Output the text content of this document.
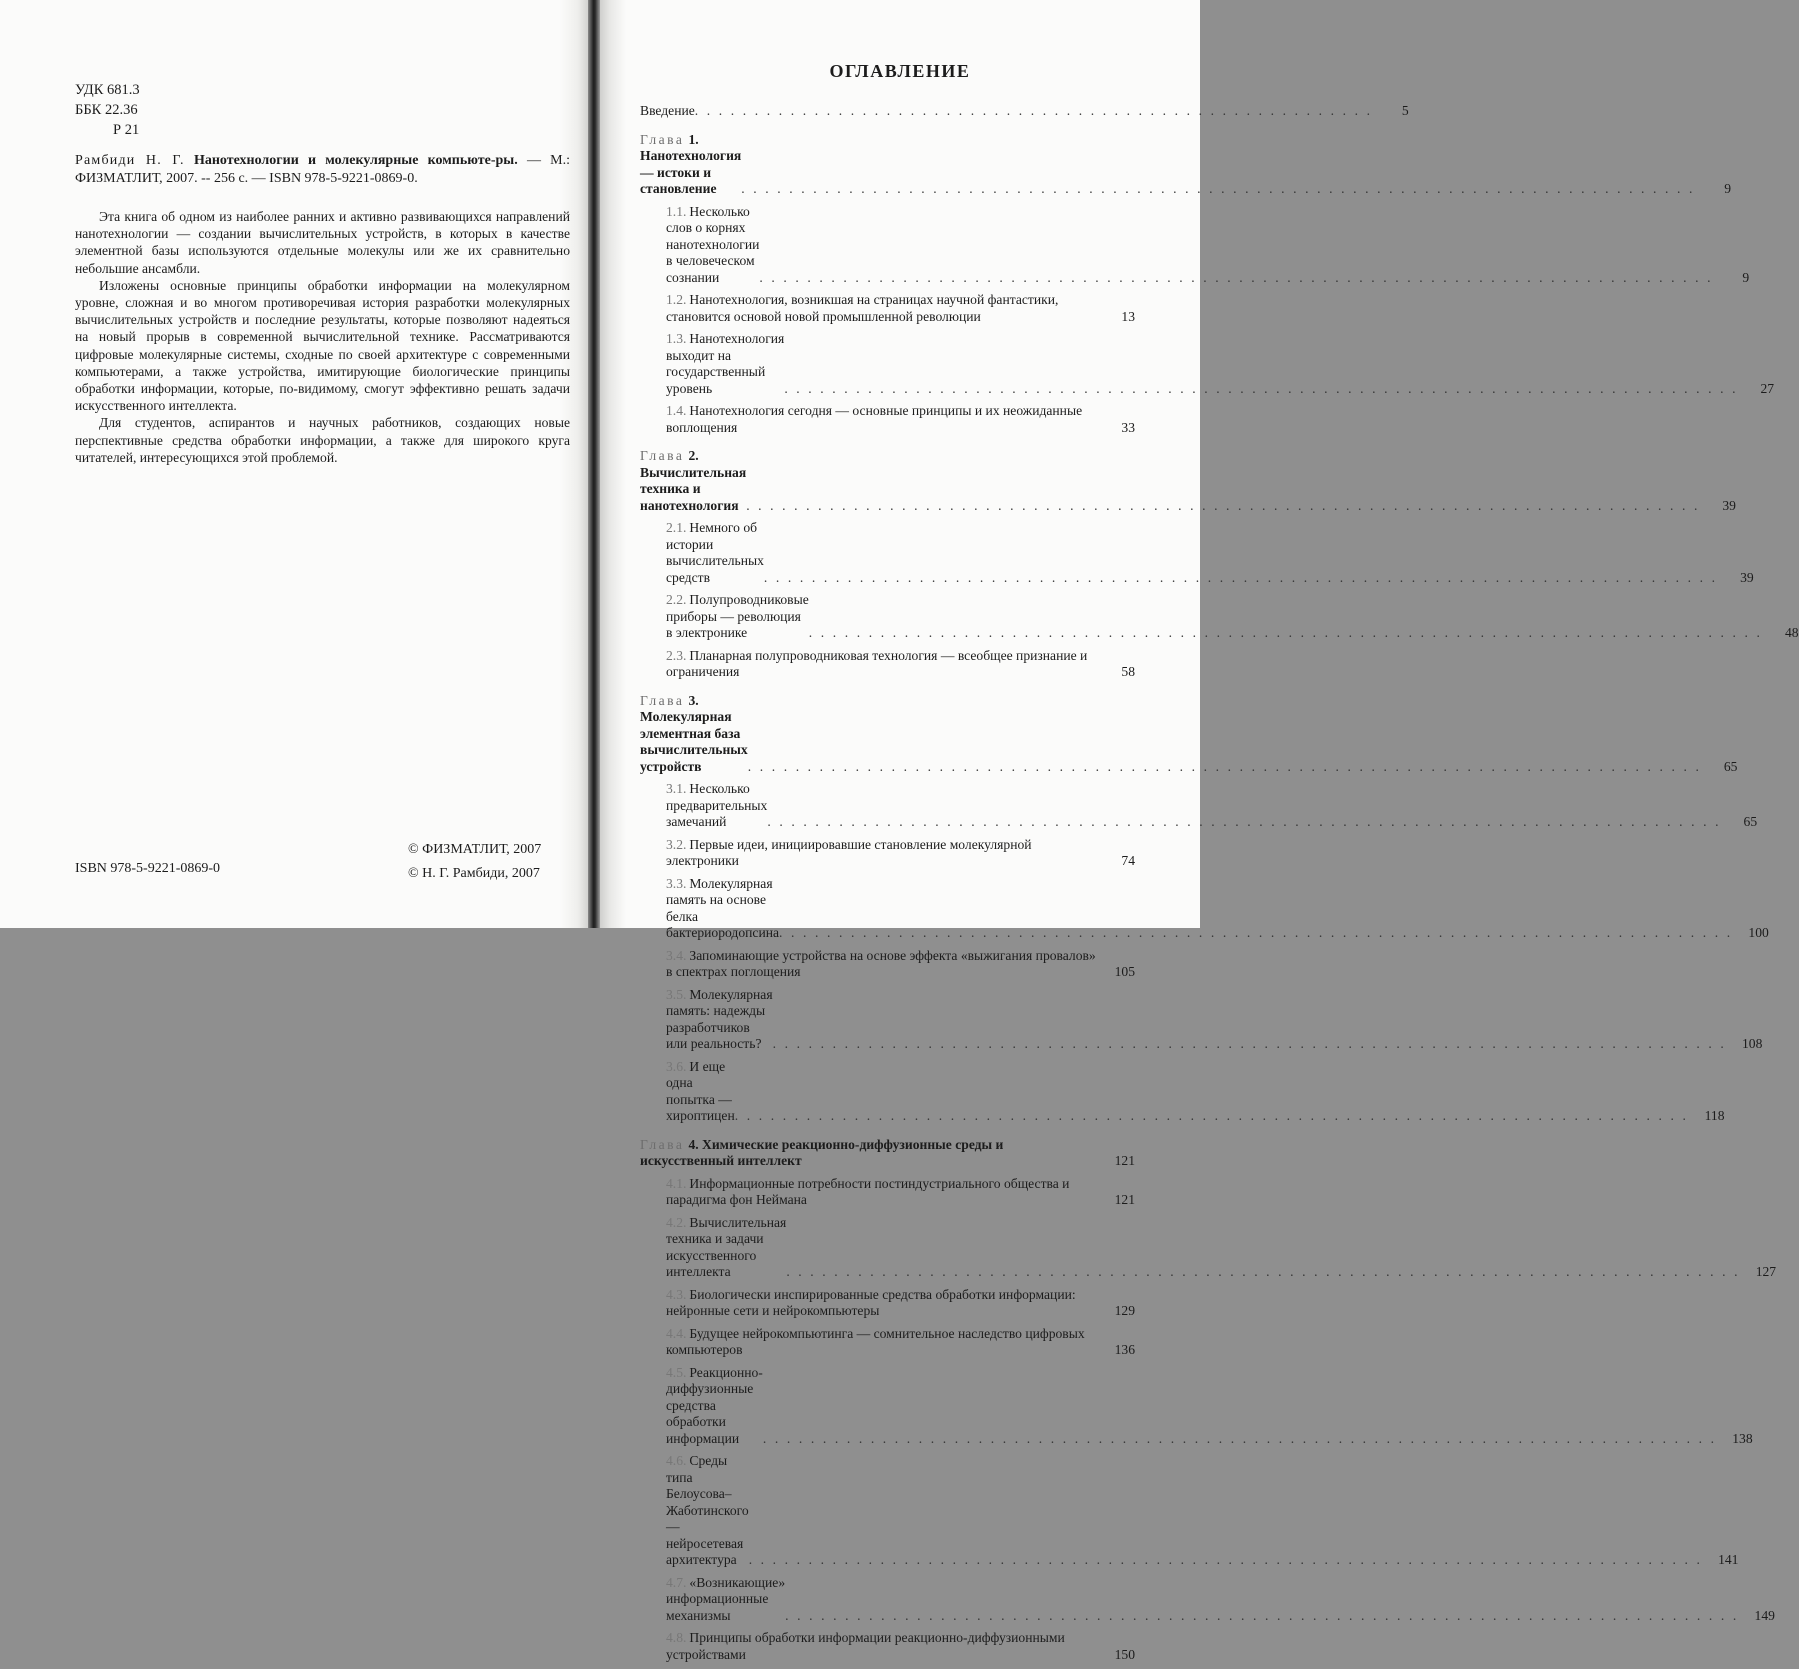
УДК 681.3
ББК 22.36
Р 21
Рамбиди Н. Г. Нанотехнологии и молекулярные компьюте-ры. — М.: ФИЗМАТЛИТ, 2007. -- 256 с. — ISBN 978-5-9221-0869-0.

Эта книга об одном из наиболее ранних и активно развивающихся направлений нанотехнологии — создании вычислительных устройств, в которых в качестве элементной базы используются отдельные молекулы или же их сравнительно небольшие ансамбли.

Изложены основные принципы обработки информации на молекулярном уровне, сложная и во многом противоречивая история разработки молекулярных вычислительных устройств и последние результаты, которые позволяют надеяться на новый прорыв в современной вычислительной технике. Рассматриваются цифровые молекулярные системы, сходные по своей архитектуре с современными компьютерами, а также устройства, имитирующие биологические принципы обработки информации, которые, по-видимому, смогут эффективно решать задачи искусственного интеллекта.

Для студентов, аспирантов и научных работников, создающих новые перспективные средства обработки информации, а также для широкого круга читателей, интересующихся этой проблемой.

© ФИЗМАТЛИТ, 2007
© Н. Г. Рамбиди, 2007
ISBN 978-5-9221-0869-0
ОГЛАВЛЕНИЕ
Введение . . . . . . . . . . . . . . . . . . . . . . . . . . . . . . . . . . . . . . . . . . . . . . . . . . . . . . . . .	5
Глава 1. Нанотехнология — истоки и становление	. . . . . . . . . . . . . . . . . . . . . . . . . . . . . . . . . . . . . . . . . . . . . . . . . . . . . . . . . . . . . . . . . . . . . . . . . . . . . . . .	9
1.1. Несколько слов о корнях нанотехнологии в человеческом сознании	. . . . . . . . . . . . . . . . . . . . . . . . . . . . . . . . . . . . . . . . . . . . . . . . . . . . . . . . . . . . . . . . . . . . . . . . . . . . . . . .	9
1.2. Нанотехнология, возникшая на страницах научной фантастики, становится основой новой промышленной революции	13
1.3. Нанотехнология выходит на государственный уровень	. . . . . . . . . . . . . . . . . . . . . . . . . . . . . . . . . . . . . . . . . . . . . . . . . . . . . . . . . . . . . . . . . . . . . . . . . . . . . . . .	27
1.4. Нанотехнология сегодня — основные принципы и их неожиданные воплощения	33
Глава 2. Вычислительная техника и нанотехнология . . . . . . . . . . . . . . . . . . . . . . . . . . . . . . . . . . . . . . . . . . . . . . . . . . . . . . . . . . . . . . . . . . . . . . . . . . . . . . . .	39
2.1. Немного об истории вычислительных средств	. . . . . . . . . . . . . . . . . . . . . . . . . . . . . . . . . . . . . . . . . . . . . . . . . . . . . . . . . . . . . . . . . . . . . . . . . . . . . . . .	39
2.2. Полупроводниковые приборы — революция в электронике	. . . . . . . . . . . . . . . . . . . . . . . . . . . . . . . . . . . . . . . . . . . . . . . . . . . . . . . . . . . . . . . . . . . . . . . . . . . . . . . .	48
2.3. Планарная полупроводниковая технология — всеобщее признание и ограничения	58
Глава 3. Молекулярная элементная база вычислительных устройств	. . . . . . . . . . . . . . . . . . . . . . . . . . . . . . . . . . . . . . . . . . . . . . . . . . . . . . . . . . . . . . . . . . . . . . . . . . . . . . . .	65
3.1. Несколько предварительных замечаний	. . . . . . . . . . . . . . . . . . . . . . . . . . . . . . . . . . . . . . . . . . . . . . . . . . . . . . . . . . . . . . . . . . . . . . . . . . . . . . . .	65
3.2. Первые идеи, инициировавшие становление молекулярной электроники	74
3.3. Молекулярная память на основе белка бактериородопсина . . . . . . . . . . . . . . . . . . . . . . . . . . . . . . . . . . . . . . . . . . . . . . . . . . . . . . . . . . . . . . . . . . . . . . . . . . . . . . . .	100
3.4. Запоминающие устройства на основе эффекта «выжигания провалов» в спектрах поглощения	105
3.5. Молекулярная память: надежды разработчиков или реальность? . . . . . . . . . . . . . . . . . . . . . . . . . . . . . . . . . . . . . . . . . . . . . . . . . . . . . . . . . . . . . . . . . . . . . . . . . . . . . . . .	108
3.6. И еще одна попытка — хироптицен . . . . . . . . . . . . . . . . . . . . . . . . . . . . . . . . . . . . . . . . . . . . . . . . . . . . . . . . . . . . . . . . . . . . . . . . . . . . . . . .	118
Глава 4. Химические реакционно-диффузионные среды и искусственный интеллект	121
4.1. Информационные потребности постиндустриального общества и парадигма фон Неймана	121
4.2. Вычислительная техника и задачи искусственного интеллекта	. . . . . . . . . . . . . . . . . . . . . . . . . . . . . . . . . . . . . . . . . . . . . . . . . . . . . . . . . . . . . . . . . . . . . . . . . . . . . . . .	127
4.3. Биологически инспирированные средства обработки информации: нейронные сети и нейрокомпьютеры	129
4.4. Будущее нейрокомпьютинга — сомнительное наследство цифровых компьютеров	136
4.5. Реакционно-диффузионные средства обработки информации	. . . . . . . . . . . . . . . . . . . . . . . . . . . . . . . . . . . . . . . . . . . . . . . . . . . . . . . . . . . . . . . . . . . . . . . . . . . . . . . .	138
4.6. Среды типа Белоусова–Жаботинского — нейросетевая архитектура . . . . . . . . . . . . . . . . . . . . . . . . . . . . . . . . . . . . . . . . . . . . . . . . . . . . . . . . . . . . . . . . . . . . . . . . . . . . . . . .	141
4.7. «Возникающие» информационные механизмы	. . . . . . . . . . . . . . . . . . . . . . . . . . . . . . . . . . . . . . . . . . . . . . . . . . . . . . . . . . . . . . . . . . . . . . . . . . . . . . . .	149
4.8. Принципы обработки информации реакционно-диффузионными устройствами	150
